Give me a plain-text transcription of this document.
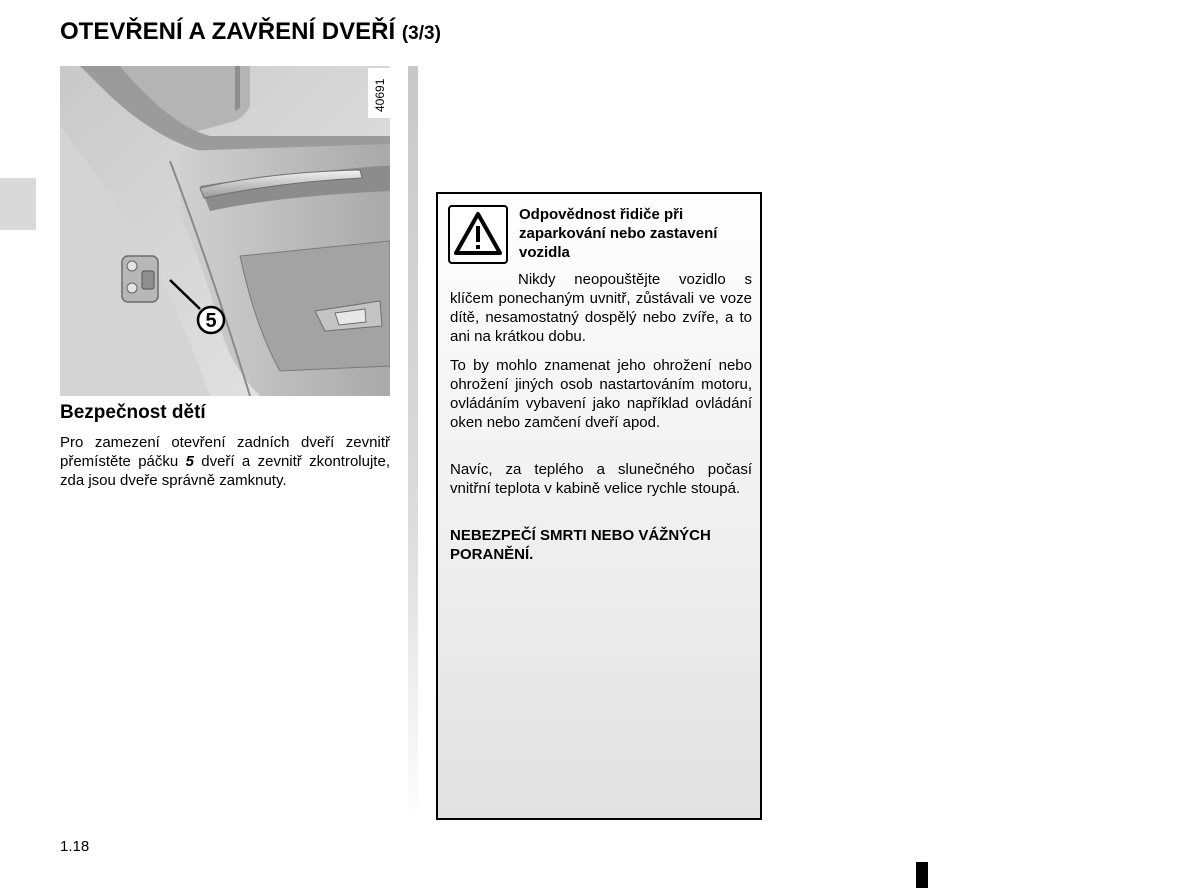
OTEVŘENÍ A ZAVŘENÍ DVEŘÍ (3/3)
5
40691
Bezpečnost dětí

Pro zamezení otevření zadních dveří zevnitř přemístěte páčku 5 dveří a zevnitř zkontrolujte, zda jsou dveře správně zamknuty.

Odpovědnost řidiče při zaparkování nebo zastavení vozidla

Nikdy neopouštějte vozidlo s klíčem ponechaným uvnitř, zůstávali ve voze dítě, nesamostatný dospělý nebo zvíře, a to ani na krátkou dobu.

To by mohlo znamenat jeho ohrožení nebo ohrožení jiných osob nastartováním motoru, ovládáním vybavení jako například ovládání oken nebo zamčení dveří apod.

Navíc, za teplého a slunečného počasí vnitřní teplota v kabině velice rychle stoupá.

NEBEZPEČÍ SMRTI NEBO VÁŽNÝCH PORANĚNÍ.

1.18
